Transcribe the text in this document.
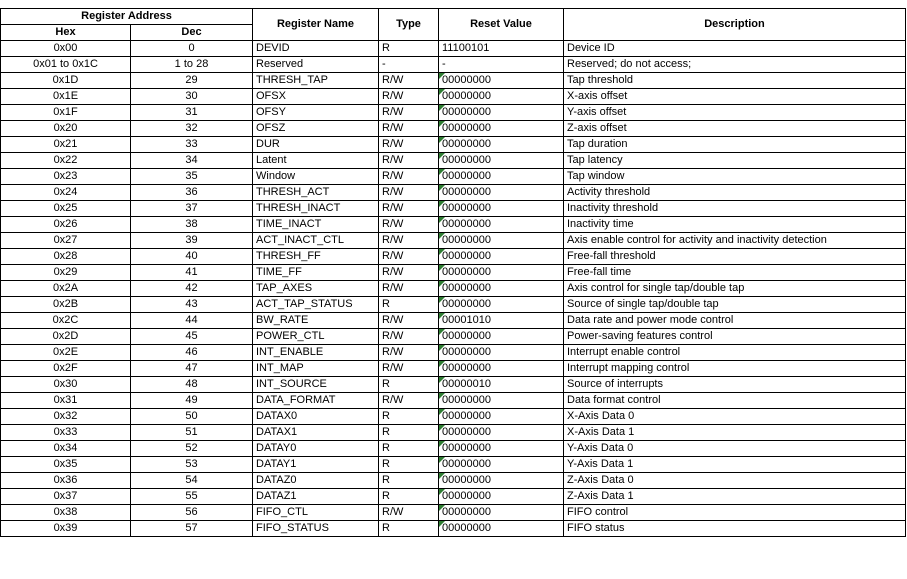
Register Address		Register Name	Type	Reset Value	Description
Hex	Dec				
0x00	0	DEVID	R	11100101	Device ID
0x01 to 0x1C	1 to 28	Reserved	-	-	Reserved; do not access;
0x1D	29	THRESH_TAP	R/W	00000000	Tap threshold
0x1E	30	OFSX	R/W	00000000	X-axis offset
0x1F	31	OFSY	R/W	00000000	Y-axis offset
0x20	32	OFSZ	R/W	00000000	Z-axis offset
0x21	33	DUR	R/W	00000000	Tap duration
0x22	34	Latent	R/W	00000000	Tap latency
0x23	35	Window	R/W	00000000	Tap window
0x24	36	THRESH_ACT	R/W	00000000	Activity threshold
0x25	37	THRESH_INACT	R/W	00000000	Inactivity threshold
0x26	38	TIME_INACT	R/W	00000000	Inactivity time
0x27	39	ACT_INACT_CTL	R/W	00000000	Axis enable control for activity and inactivity detection
0x28	40	THRESH_FF	R/W	00000000	Free-fall threshold
0x29	41	TIME_FF	R/W	00000000	Free-fall time
0x2A	42	TAP_AXES	R/W	00000000	Axis control for single tap/double tap
0x2B	43	ACT_TAP_STATUS	R	00000000	Source of single tap/double tap
0x2C	44	BW_RATE	R/W	00001010	Data rate and power mode control
0x2D	45	POWER_CTL	R/W	00000000	Power-saving features control
0x2E	46	INT_ENABLE	R/W	00000000	Interrupt enable control
0x2F	47	INT_MAP	R/W	00000000	Interrupt mapping control
0x30	48	INT_SOURCE	R	00000010	Source of interrupts
0x31	49	DATA_FORMAT	R/W	00000000	Data format control
0x32	50	DATAX0	R	00000000	X-Axis Data 0
0x33	51	DATAX1	R	00000000	X-Axis Data 1
0x34	52	DATAY0	R	00000000	Y-Axis Data 0
0x35	53	DATAY1	R	00000000	Y-Axis Data 1
0x36	54	DATAZ0	R	00000000	Z-Axis Data 0
0x37	55	DATAZ1	R	00000000	Z-Axis Data 1
0x38	56	FIFO_CTL	R/W	00000000	FIFO control
0x39	57	FIFO_STATUS	R	00000000	FIFO status
